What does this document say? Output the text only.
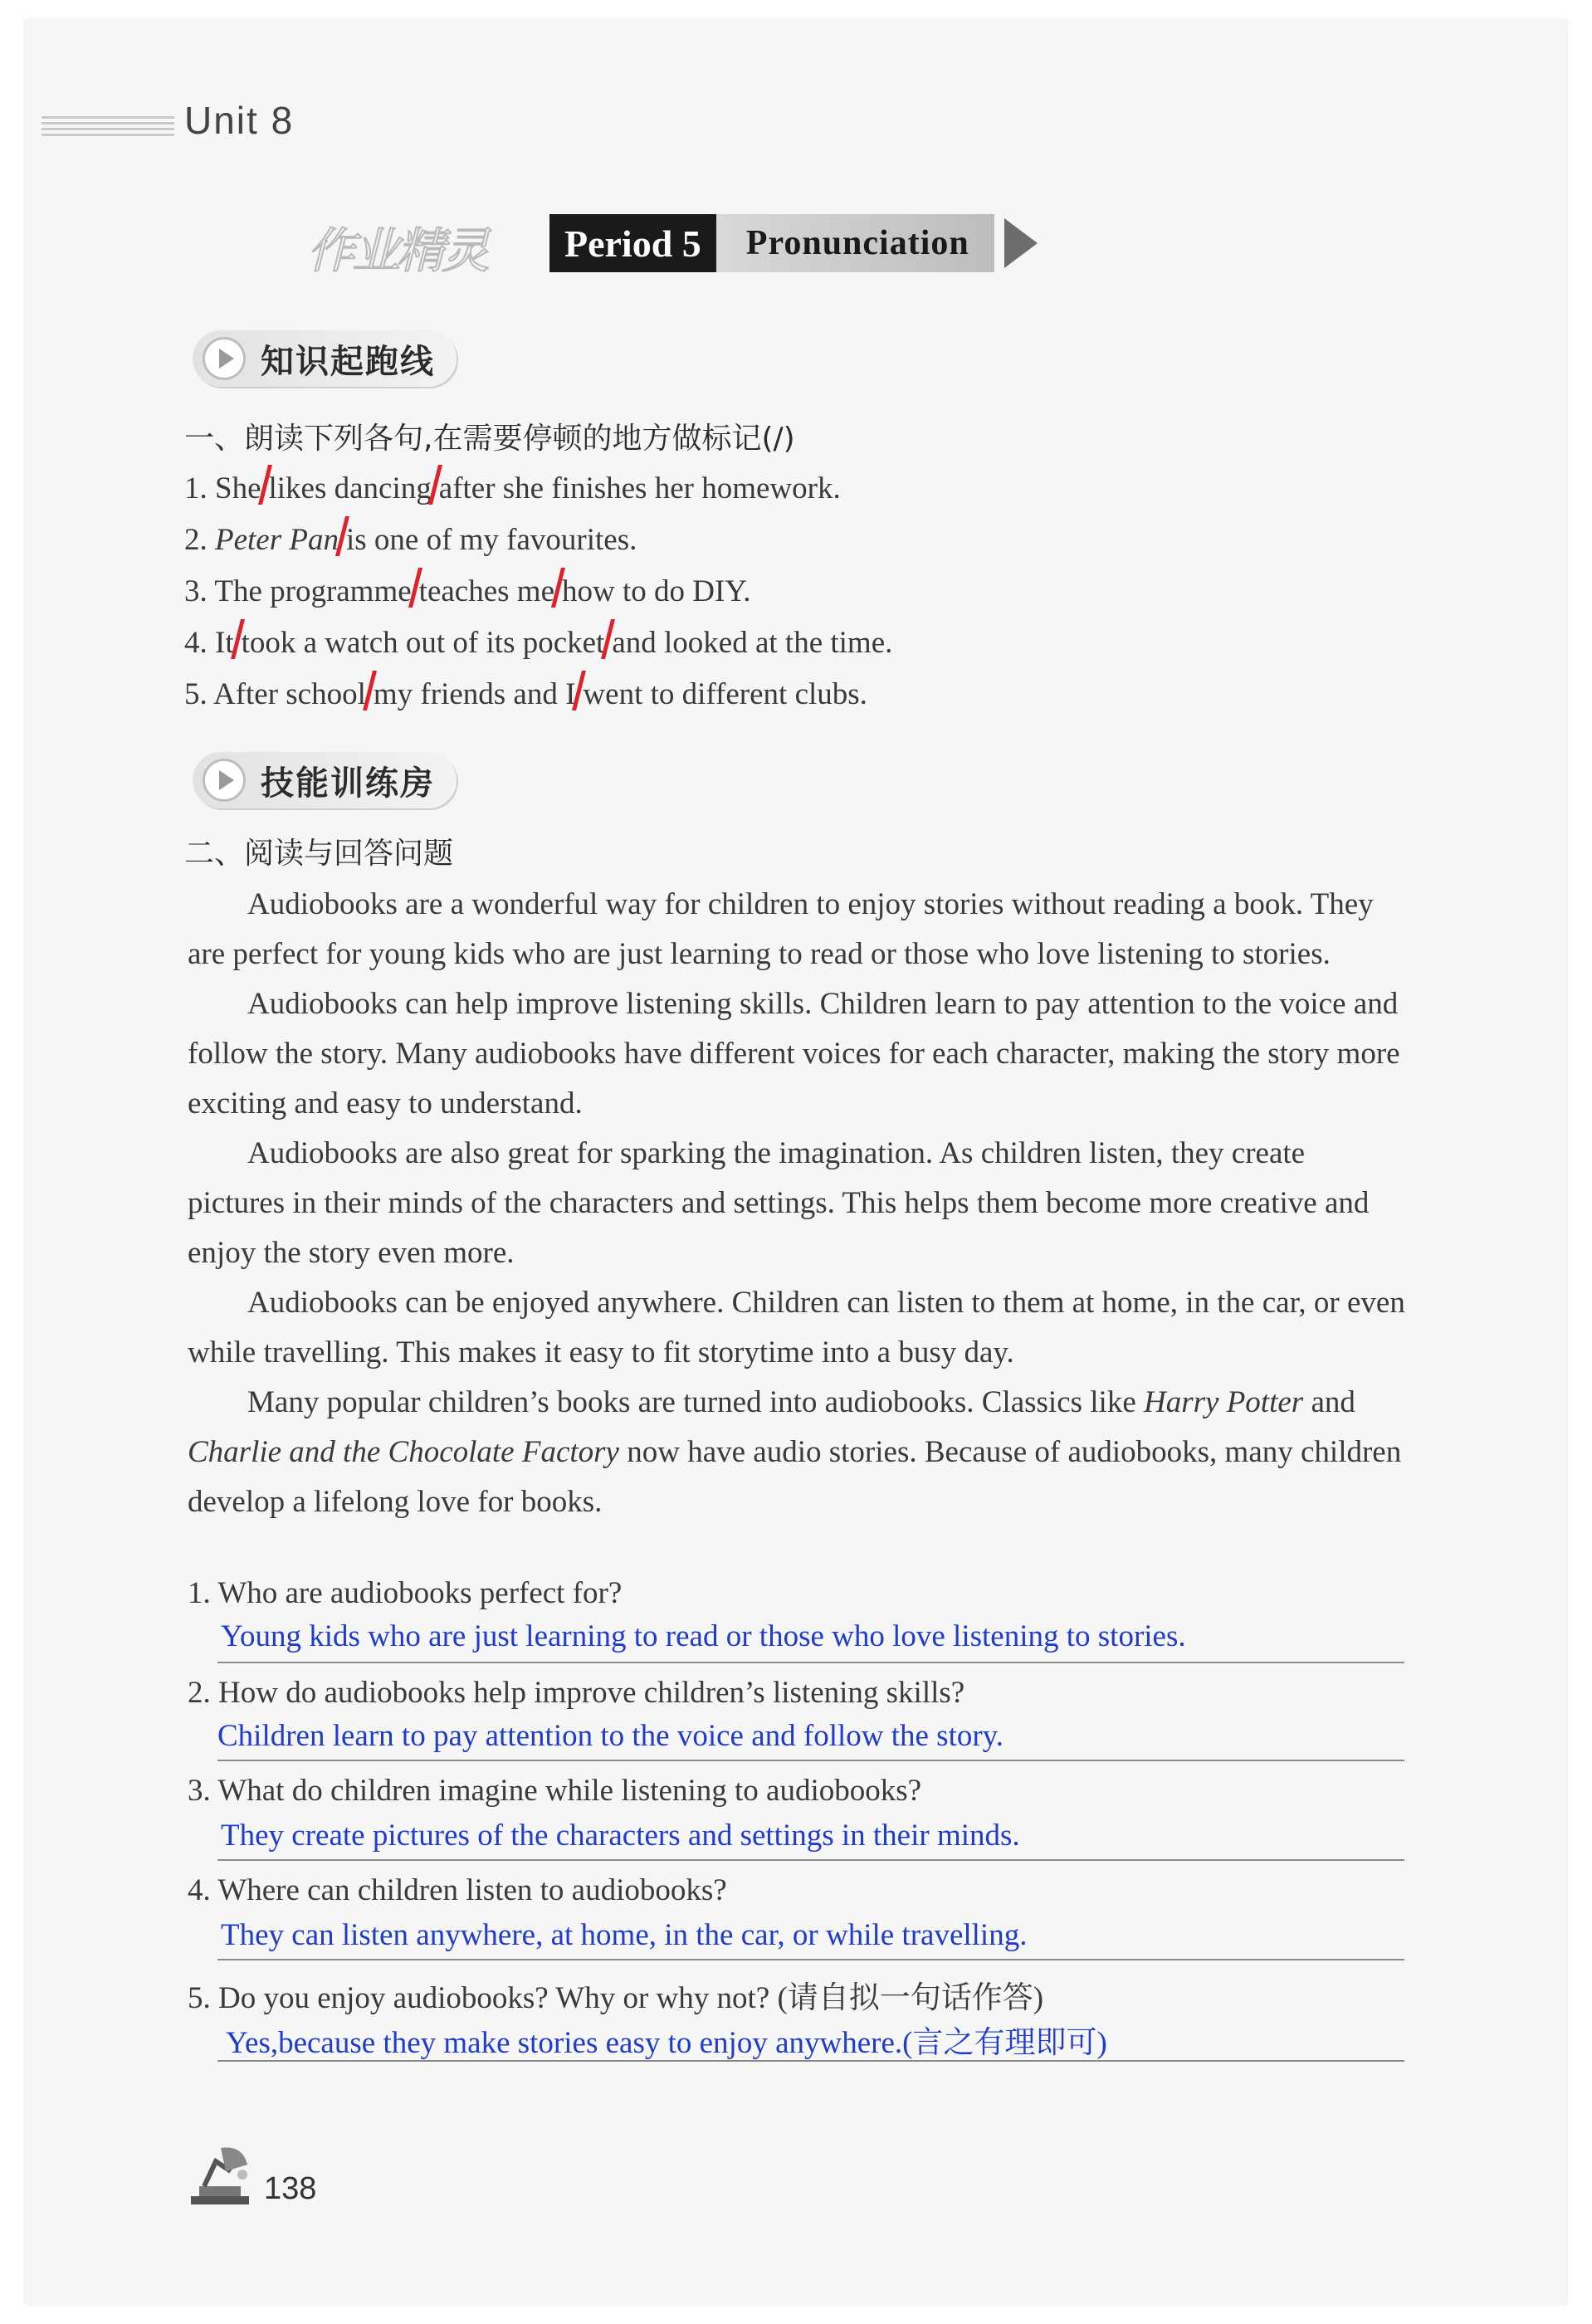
Unit 8
作业精灵	Period 5	Pronunciation
知识起跑线
一、朗读下列各句,在需要停顿的地方做标记(/)
1. She likes dancing after she finishes her homework.
2. Peter Pan is one of my favourites.
3. The programme teaches me how to do DIY.
4. It took a watch out of its pocket and looked at the time.
5. After school my friends and I went to different clubs.
技能训练房
二、阅读与回答问题

Audiobooks are a wonderful way for children to enjoy stories without reading a book. They are perfect for young kids who are just learning to read or those who love listening to stories.

Audiobooks can help improve listening skills. Children learn to pay attention to the voice and follow the story. Many audiobooks have different voices for each character, making the story more exciting and easy to understand.

Audiobooks are also great for sparking the imagination. As children listen, they create pictures in their minds of the characters and settings. This helps them become more creative and enjoy the story even more.

Audiobooks can be enjoyed anywhere. Children can listen to them at home, in the car, or even while travelling. This makes it easy to fit storytime into a busy day.

Many popular children’s books are turned into audiobooks. Classics like Harry Potter and Charlie and the Chocolate Factory now have audio stories. Because of audiobooks, many children develop a lifelong love for books.

1. Who are audiobooks perfect for?
Young kids who are just learning to read or those who love listening to stories.
2. How do audiobooks help improve children’s listening skills?
Children learn to pay attention to the voice and follow the story.
3. What do children imagine while listening to audiobooks?
They create pictures of the characters and settings in their minds.
4. Where can children listen to audiobooks?
They can listen anywhere, at home, in the car, or while travelling.
5. Do you enjoy audiobooks? Why or why not? (请自拟一句话作答)
Yes,because they make stories easy to enjoy anywhere.(言之有理即可)
138
